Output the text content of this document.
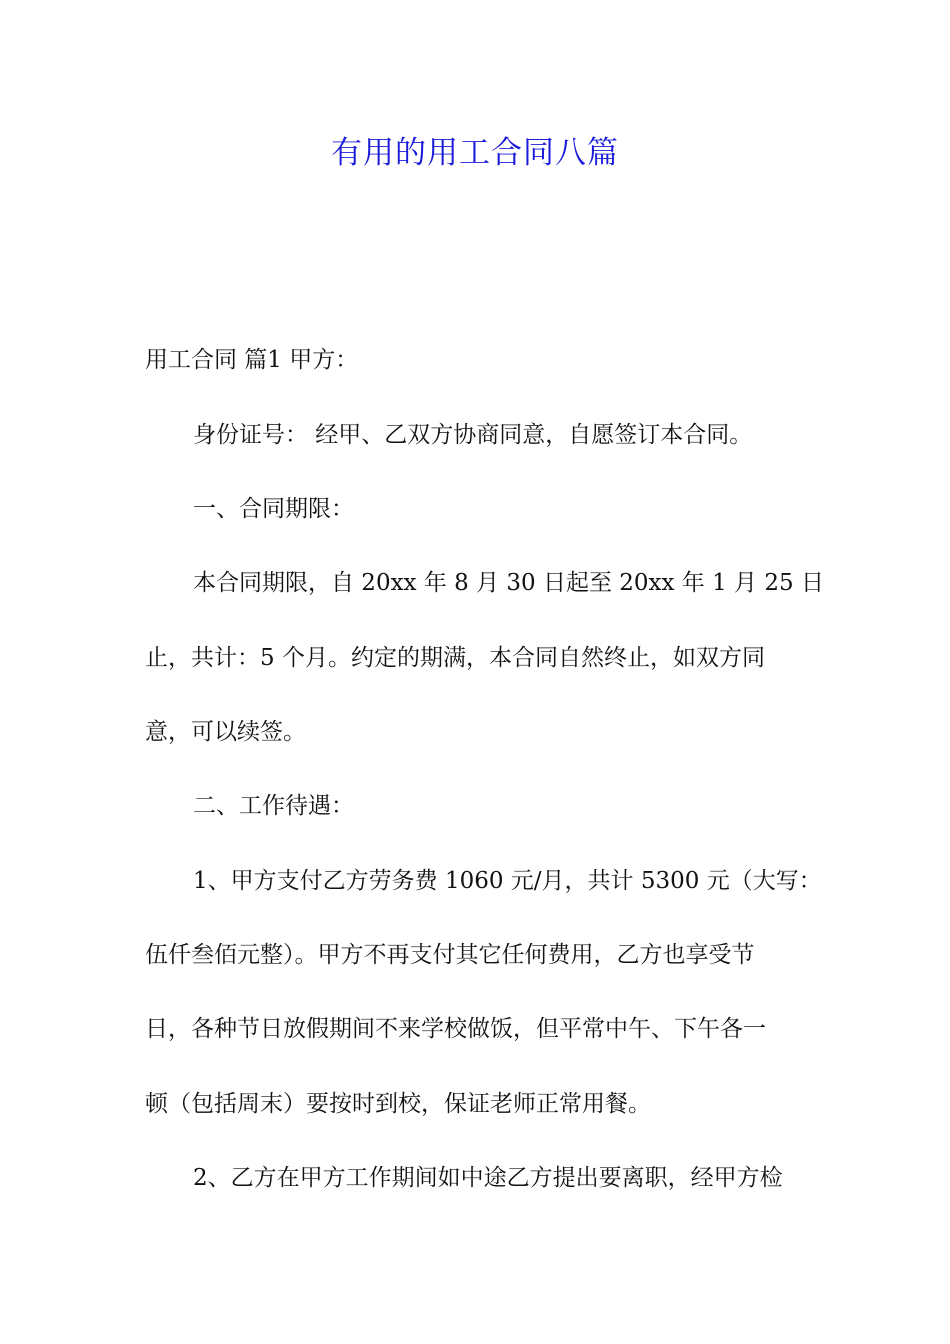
有用的用工合同八篇
用工合同 篇1 甲方：
身份证号： 经甲、乙双方协商同意，自愿签订本合同。
一、合同期限：
本合同期限，自 20xx 年 8 月 30 日起至 20xx 年 1 月 25 日
止，共计：5 个月。约定的期满，本合同自然终止，如双方同
意，可以续签。
二、工作待遇：
1、甲方支付乙方劳务费 1060 元/月，共计 5300 元（大写：
伍仟叁佰元整）。甲方不再支付其它任何费用，乙方也享受节
日，各种节日放假期间不来学校做饭，但平常中午、下午各一
顿（包括周末）要按时到校，保证老师正常用餐。
2、乙方在甲方工作期间如中途乙方提出要离职，经甲方检
